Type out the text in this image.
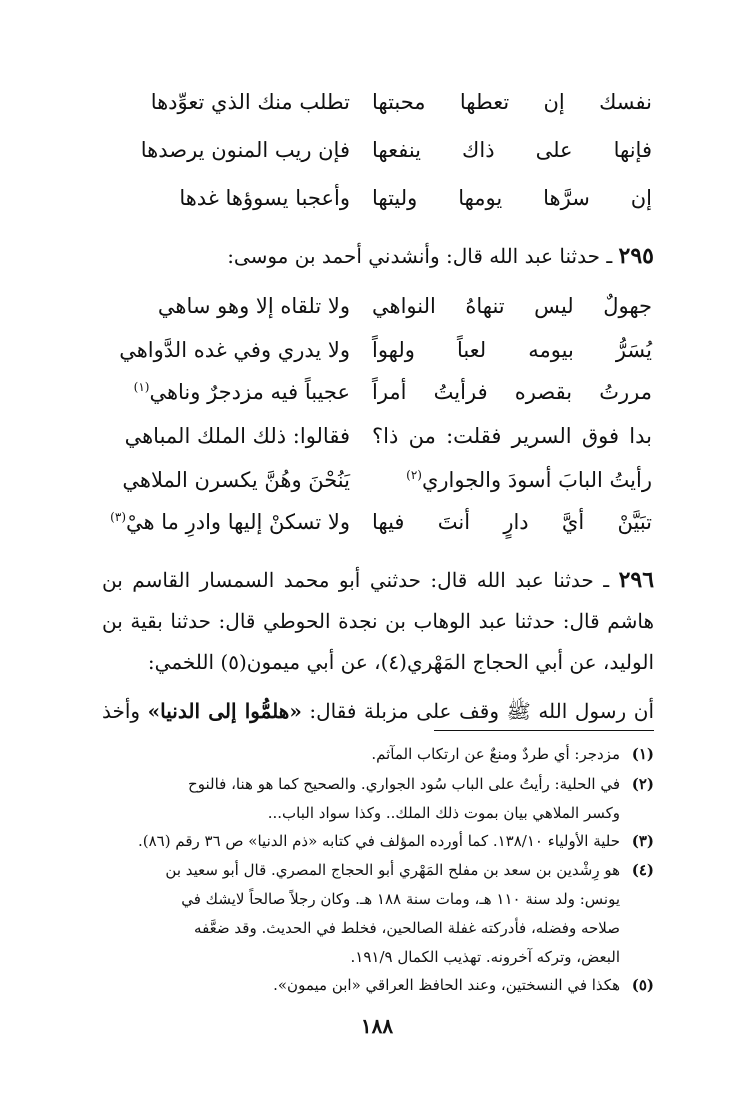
نفسك إن تعطها محبتها
تطلب منك الذي تعوِّدها
فإنها على ذاك ينفعها
فإن ريب المنون يرصدها
إن سرَّها يومها وليتها
وأعجبا يسوؤها غدها
٢٩٥ ـ حدثنا عبد الله قال: وأنشدني أحمد بن موسى:
جهولٌ ليس تنهاهُ النواهي
ولا تلقاه إلا وهو ساهي
يُسَرُّ بيومه لعباً ولهواً
ولا يدري وفي غده الدَّواهي
مررتُ بقصره فرأيتُ أمراً
عجيباً فيه مزدجرٌ وناهي$^{(١)}$
بدا فوق السرير فقلت: من ذا؟
فقالوا: ذلك الملك المباهي
رأيتُ البابَ أسودَ والجواري$^{(٢)}$
يَنُحْنَ وهُنَّ يكسرن الملاهي
تبَيَّنْ أيَّ دارٍ أنتَ فيها
ولا تسكنْ إليها وادرِ ما هيْ$^{(٣)}$
٢٩٦ ـ حدثنا عبد الله قال: حدثني أبو محمد السمسار القاسم بن
هاشم قال: حدثنا عبد الوهاب بن نجدة الحوطي قال: حدثنا بقية بن
الوليد، عن أبي الحجاج المَهْري(٤)، عن أبي ميمون(٥) اللخمي:
أن رسول الله ﷺ وقف على مزبلة فقال: «هلمُّوا إلى الدنيا» وأخذ
(١)
مزدجر: أي طردٌ ومنعٌ عن ارتكاب المآثم.
(٢)
في الحلية: رأيتُ على الباب سُود الجواري. والصحيح كما هو هنا، فالنوح
وكسر الملاهي بيان بموت ذلك الملك.. وكذا سواد الباب...
(٣)
حلية الأولياء ١٣٨/١٠. كما أورده المؤلف في كتابه «ذم الدنيا» ص ٣٦ رقم (٨٦).
(٤)
هو رِشْدين بن سعد بن مفلح المَهْري أبو الحجاج المصري. قال أبو سعيد بن
يونس: ولد سنة ١١٠ هـ، ومات سنة ١٨٨ هـ. وكان رجلاً صالحاً لايشك في
صلاحه وفضله، فأدركته غفلة الصالحين، فخلط في الحديث. وقد ضعَّفه
البعض، وتركه آخرونه. تهذيب الكمال ١٩١/٩.
(٥)
هكذا في النسختين، وعند الحافظ العراقي «ابن ميمون».
١٨٨
